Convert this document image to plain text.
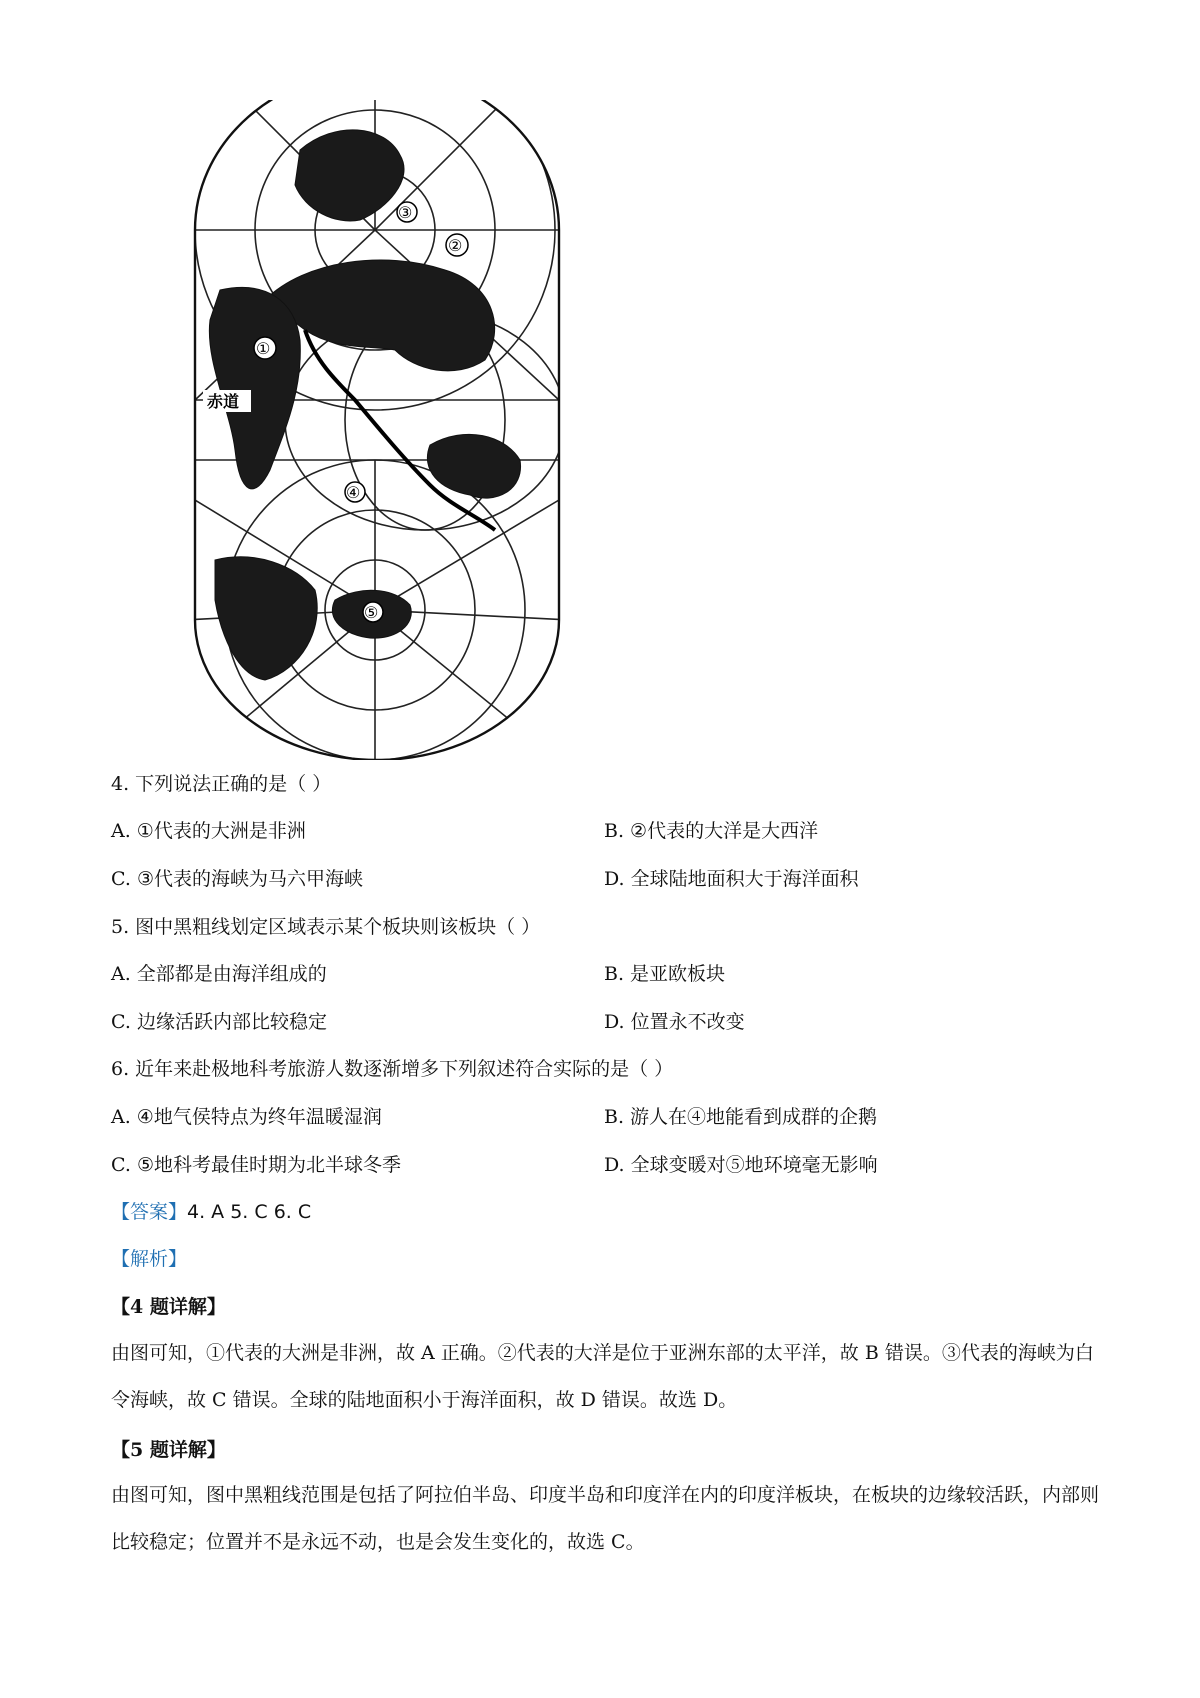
①
②
③
④
⑤
赤道
4. 下列说法正确的是（ ）
A. ①代表的大洲是非洲	B. ②代表的大洋是大西洋
C. ③代表的海峡为马六甲海峡	D. 全球陆地面积大于海洋面积
5. 图中黑粗线划定区域表示某个板块则该板块（ ）
A. 全部都是由海洋组成的	B. 是亚欧板块
C. 边缘活跃内部比较稳定	D. 位置永不改变
6. 近年来赴极地科考旅游人数逐渐增多下列叙述符合实际的是（ ）
A. ④地气侯特点为终年温暖湿润	B. 游人在④地能看到成群的企鹅
C. ⑤地科考最佳时期为北半球冬季	D. 全球变暖对⑤地环境毫无影响
【答案】4. A 5. C 6. C
【解析】
【4 题详解】
由图可知，①代表的大洲是非洲，故 A 正确。②代表的大洋是位于亚洲东部的太平洋，故 B 错误。③代表的海峡为白令海峡，故 C 错误。全球的陆地面积小于海洋面积，故 D 错误。故选 D。
【5 题详解】
由图可知，图中黑粗线范围是包括了阿拉伯半岛、印度半岛和印度洋在内的印度洋板块，在板块的边缘较活跃，内部则比较稳定；位置并不是永远不动，也是会发生变化的，故选 C。
